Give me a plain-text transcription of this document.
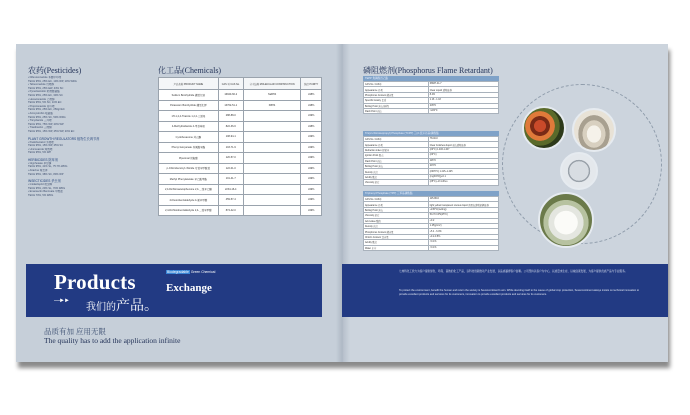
农药(Pesticides)
▪ Difenoconazole 苯醚甲环唑
TECH 95%, 25% EC, 10% WP, 10% WDG
▪ Tebuconazole 戊唑醇
TECH 95%, 25% EW, 43% SC
▪ Pyraclostrobin 吡唑醚菌酯
TECH 95%, 25% EC, 30% SC
▪ Hexaconazole 己唑醇
TECH 95%, 5% SC, 10% EC
▪ Propiconazole 丙环唑
TECH 95%, 25% EC, 250g/l EC
▪ Azoxystrobin 嘧菌酯
TECH 95%, 25% SC, 50% WDG
▪ Tricyclazole 三环唑
TECH 95%, 75% WP, 20% WP
▪ Triadimefon 三唑酮
TECH 95%, 15% WP, 25% WP, 20% EC
PLANT GROWTH REGULATORS 植物生长调节剂
▪ Paclobutrazol 多效唑
TECH 95%, 15% WP, 25% SC
▪ Uniconazole 烯效唑
TECH 95%, 5% WP
HERBICIDES 除草剂
▪ Glyphosate 草甘膦
TECH 95%, 41% SL, 75.7% WDG
▪ Atrazine 莠去津
TECH 95%, 38% SC, 80% WP
INSECTICIDES 杀虫剂
▪ Imidacloprid 吡虫啉
TECH 95%, 20% SL, 70% WDG
▪ Emamectin Benzoate 甲维盐
TECH 70%, 5% WDG
化工品(Chemicals)
产品名称 PRODUCT NAME	CAS 号 CAS No.	分子结构 MOLECULAR CONSTRUCTION	纯度 PURITY
Sodium Borohydride 硼氢化钠	16940-66-2	NaBH4	≥98%
Potassium Borohydride 硼氢化钾	13762-51-1	KBH4	≥98%
1H-1,2,4-Triazole 1,2,4-三氮唑	288-88-0		≥99%
4-Methylimidazole 4-甲基咪唑	822-36-6		≥98%
Cyclohexanone 环己酮	108-94-1		≥99%
Phenyl isocyanate 异氰酸苯酯	103-71-9		≥99%
Piperonal 胡椒醛	120-57-0		≥99%
p-Chlorobenzoyl chloride 对氯苯甲酰氯	122-01-0		≥99%
Methyl Phenylacetate 苯乙酸甲酯	101-41-7		≥99%
2,4-Dichloroacetophenone 2,4-二氯苯乙酮	2234-16-4		≥99%
4-Fluorobenzaldehyde 4-氟苯甲醛	459-57-4		≥99%
2,4-Dichlorobenzaldehyde 2,4-二氯苯甲醛	874-42-0		≥99%
磷阻燃剂(Phosphorus Flame Retardant)
TEPP 焦磷酸四乙酯
CAS No. CAS号	68937-41-7
Appearance 外观	Clear Liquid 透明液体
Phosphorus Content 磷含量	8.4%
Specific Gravity 比重	1.16 - 1.18
Boiling Point 沸点(沸程)	245°C
Flash Point 闪点	>220°C
Tris(2-chloroisopropyl) Phosphate (TCPP) 三(2-氯异丙基)磷酸酯
CAS No. CAS号	78-40-0
Appearance 外观	Clear Colorless liquid 无色透明液体
Refraction index 折射率	(20°C) 1.406-1.407
Ignition Point 燃点	(20°C)
Flash Point 闪点	116°C
Boiling Point 沸点	215°C
Density 密度	(20±5°C) 1.415~1.425
Acidity 酸度	(mgKOH/g)≤0.1
Viscosity 粘度	(25°C)~13 mPa.s
Triphenyl Phosphate (TPP) 三苯基磷酸酯
CAS No. CAS号	115-86-6
Appearance 外观	light yellow transparent viscous liquid 浅黄色透明粘稠液体
Boiling Point 沸点	≥245°C(melting)
Viscosity 粘度	50-70 CPS(25°C)
Acid value 酸值	≤0.2
Density 密度	1.25(g/cm³)
Phosphorus Content 磷含量	≥5.4 - 6.0%
Chlorin Content 氯含量	≥0.2-0.5%
Acidity 酸度	<0.1%
Water 水分	<0.1%
Products	Biodegradable Green Chemical
Exchange
—►►
我们的产品。
七弗特化工致力为客户提供绿色、环保、高效的化工产品，以科技创新推动产业发展，以品质赢得客户信赖。公司坚持以客户为中心，以质量求生存，以诚信谋发展，为客户提供优质产品与专业服务。
To protect the environment, benefit the human and return the society is Sevencontinent's aim. While devoting itself to the cause of global crop protection, Sevencontinent always insists on technical innovation to provide excellent products and services for its customers, innovation to provide excellent products and services for its customers.
品质有加 应用无限
The quality has to add the application infinite
